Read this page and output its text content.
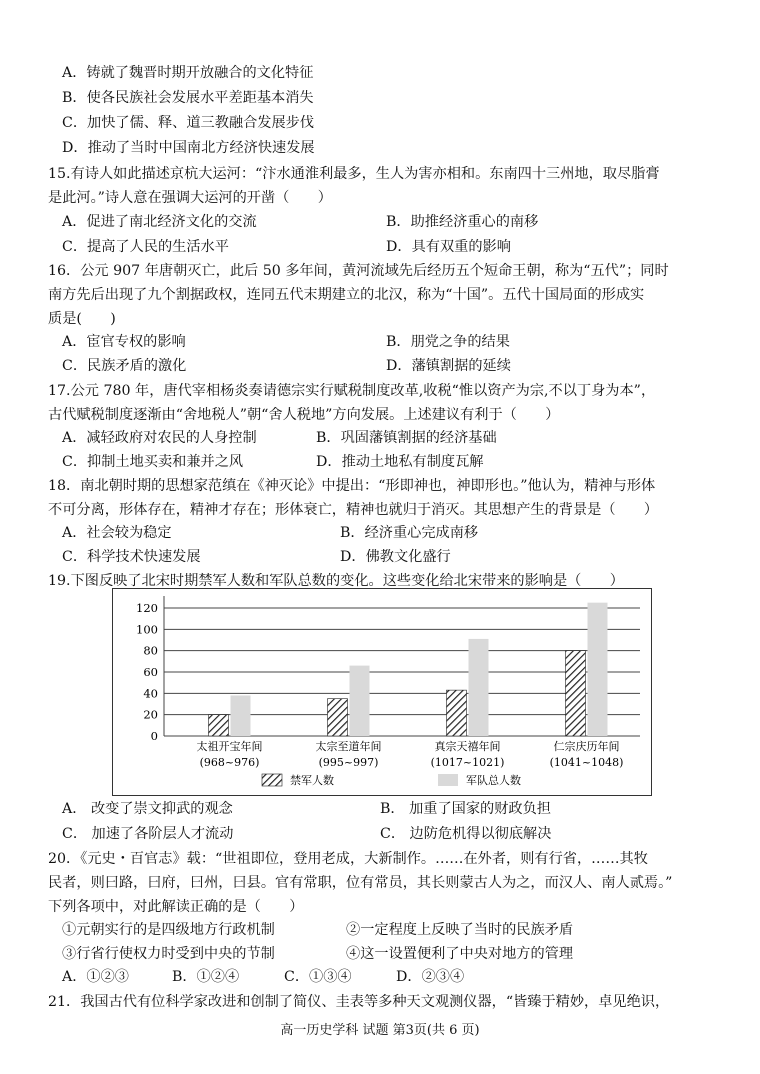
A．铸就了魏晋时期开放融合的文化特征
B．使各民族社会发展水平差距基本消失
C．加快了儒、释、道三教融合发展步伐
D．推动了当时中国南北方经济快速发展
15.有诗人如此描述京杭大运河：“汴水通淮利最多，生人为害亦相和。东南四十三州地，取尽脂膏
是此河。”诗人意在强调大运河的开凿（　　）
A．促进了南北经济文化的交流	B．助推经济重心的南移
C．提高了人民的生活水平	D．具有双重的影响
16．公元 907 年唐朝灭亡，此后 50 多年间，黄河流域先后经历五个短命王朝，称为“五代”；同时
南方先后出现了九个割据政权，连同五代末期建立的北汉，称为“十国”。五代十国局面的形成实
质是(　　)
A．宦官专权的影响	B．朋党之争的结果
C．民族矛盾的激化	D．藩镇割据的延续
17.公元 780 年，唐代宰相杨炎奏请德宗实行赋税制度改革,收税“惟以资产为宗,不以丁身为本”，
古代赋税制度逐渐由“舍地税人”朝“舍人税地”方向发展。上述建议有利于（　　）
A．减轻政府对农民的人身控制	B．巩固藩镇割据的经济基础
C．抑制土地买卖和兼并之风	D．推动土地私有制度瓦解
18．南北朝时期的思想家范缜在《神灭论》中提出：“形即神也，神即形也。”他认为，精神与形体
不可分离，形体存在，精神才存在；形体衰亡，精神也就归于消灭。其思想产生的背景是（　　）
A．社会较为稳定	B．经济重心完成南移
C．科学技术快速发展	D．佛教文化盛行
19.下图反映了北宋时期禁军人数和军队总数的变化。这些变化给北宋带来的影响是（　　）
0
20
40
60
80
100
120
太祖开宝年间
(968~976)
太宗至道年间
(995~997)
真宗天禧年间
(1017~1021)
仁宗庆历年间
(1041~1048)
禁军人数	军队总人数
A． 改变了崇文抑武的观念	B． 加重了国家的财政负担
C． 加速了各阶层人才流动	C． 边防危机得以彻底解决
20．《元史・百官志》载：“世祖即位，登用老成，大新制作。……在外者，则有行省，……其牧
民者，则曰路，曰府，曰州，曰县。官有常职，位有常员，其长则蒙古人为之，而汉人、南人贰焉。”
下列各项中，对此解读正确的是（　　）
①元朝实行的是四级地方行政机制	②一定程度上反映了当时的民族矛盾
③行省行使权力时受到中央的节制	④这一设置便利了中央对地方的管理
A．①②③	B．①②④	C．①③④	D．②③④
21．我国古代有位科学家改进和创制了简仪、圭表等多种天文观测仪器，“皆臻于精妙，卓见绝识，
高一历史学科 试题 第3页(共 6 页)
